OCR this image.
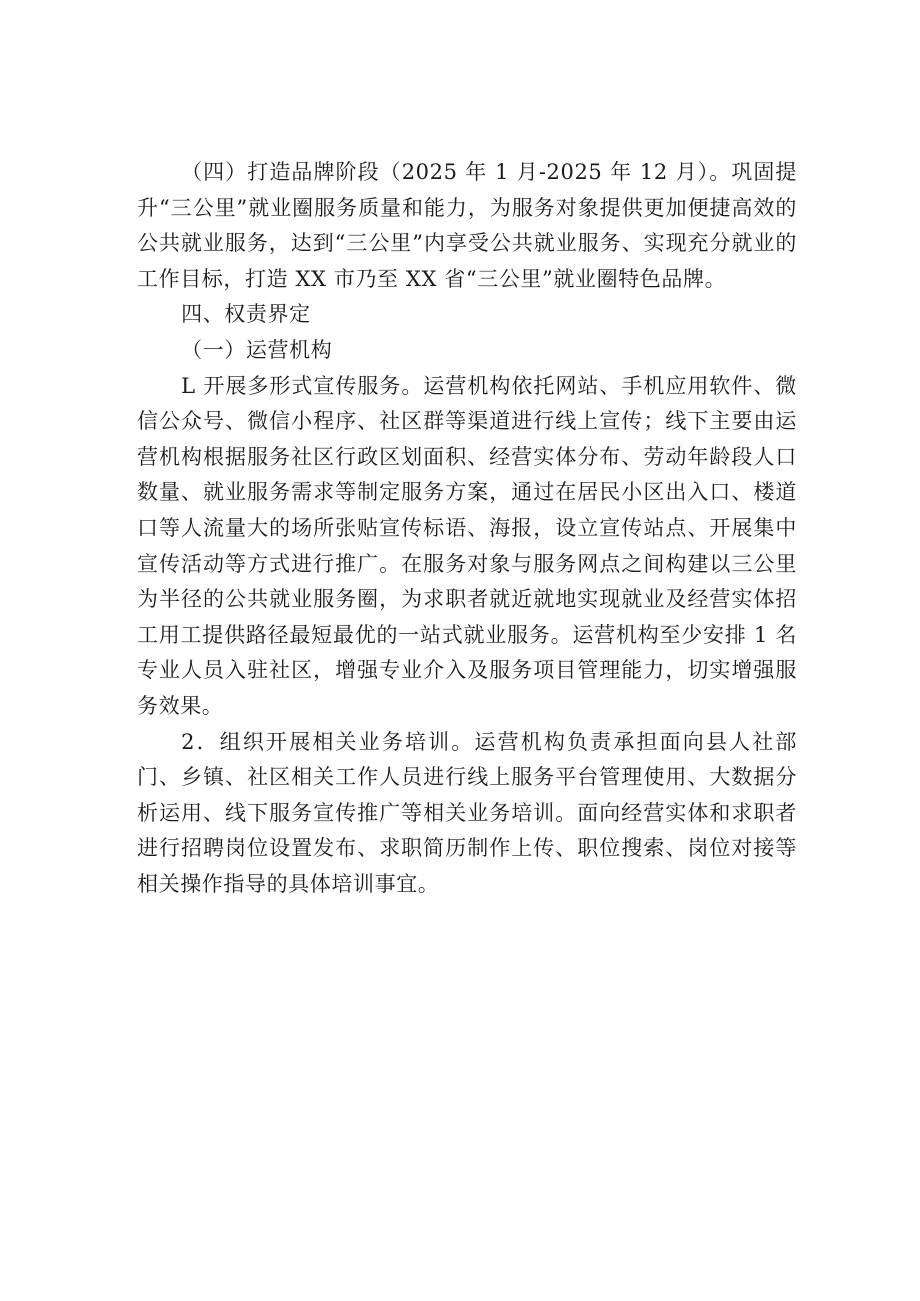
（四）打造品牌阶段（2025 年 1 月-2025 年 12 月）。巩固提升“三公里”就业圈服务质量和能力，为服务对象提供更加便捷高效的公共就业服务，达到“三公里”内享受公共就业服务、实现充分就业的工作目标，打造 XX 市乃至 XX 省“三公里”就业圈特色品牌。

四、权责界定

（一）运营机构

L 开展多形式宣传服务。运营机构依托网站、手机应用软件、微信公众号、微信小程序、社区群等渠道进行线上宣传；线下主要由运营机构根据服务社区行政区划面积、经营实体分布、劳动年龄段人口数量、就业服务需求等制定服务方案，通过在居民小区出入口、楼道口等人流量大的场所张贴宣传标语、海报，设立宣传站点、开展集中宣传活动等方式进行推广。在服务对象与服务网点之间构建以三公里为半径的公共就业服务圈，为求职者就近就地实现就业及经营实体招工用工提供路径最短最优的一站式就业服务。运营机构至少安排 1 名专业人员入驻社区，增强专业介入及服务项目管理能力，切实增强服务效果。

2．组织开展相关业务培训。运营机构负责承担面向县人社部门、乡镇、社区相关工作人员进行线上服务平台管理使用、大数据分析运用、线下服务宣传推广等相关业务培训。面向经营实体和求职者进行招聘岗位设置发布、求职简历制作上传、职位搜索、岗位对接等相关操作指导的具体培训事宜。
